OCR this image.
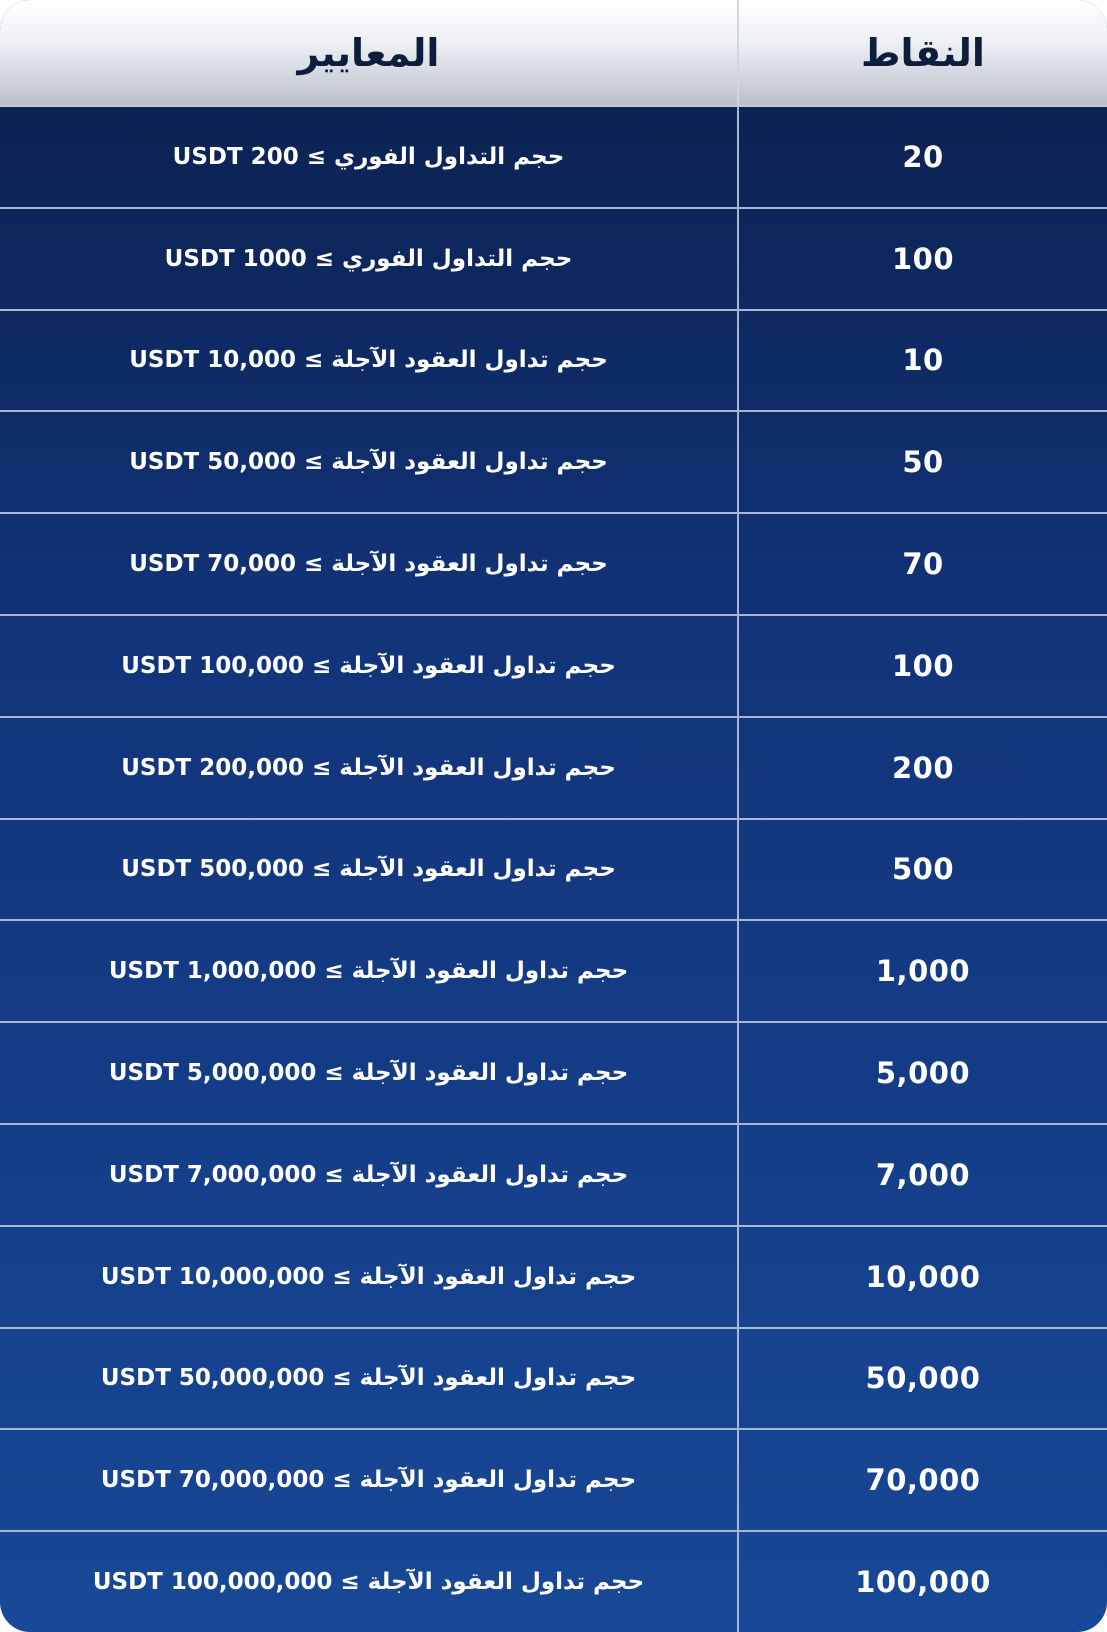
النقاط
المعايير
20
حجم التداول الفوري ≥ USDT 200
100
حجم التداول الفوري ≥ USDT 1000
10
حجم تداول العقود الآجلة ≥ USDT 10,000
50
حجم تداول العقود الآجلة ≥ USDT 50,000
70
حجم تداول العقود الآجلة ≥ USDT 70,000
100
حجم تداول العقود الآجلة ≥ USDT 100,000
200
حجم تداول العقود الآجلة ≥ USDT 200,000
500
حجم تداول العقود الآجلة ≥ USDT 500,000
1,000
حجم تداول العقود الآجلة ≥ USDT 1,000,000
5,000
حجم تداول العقود الآجلة ≥ USDT 5,000,000
7,000
حجم تداول العقود الآجلة ≥ USDT 7,000,000
10,000
حجم تداول العقود الآجلة ≥ USDT 10,000,000
50,000
حجم تداول العقود الآجلة ≥ USDT 50,000,000
70,000
حجم تداول العقود الآجلة ≥ USDT 70,000,000
100,000
حجم تداول العقود الآجلة ≥ USDT 100,000,000
